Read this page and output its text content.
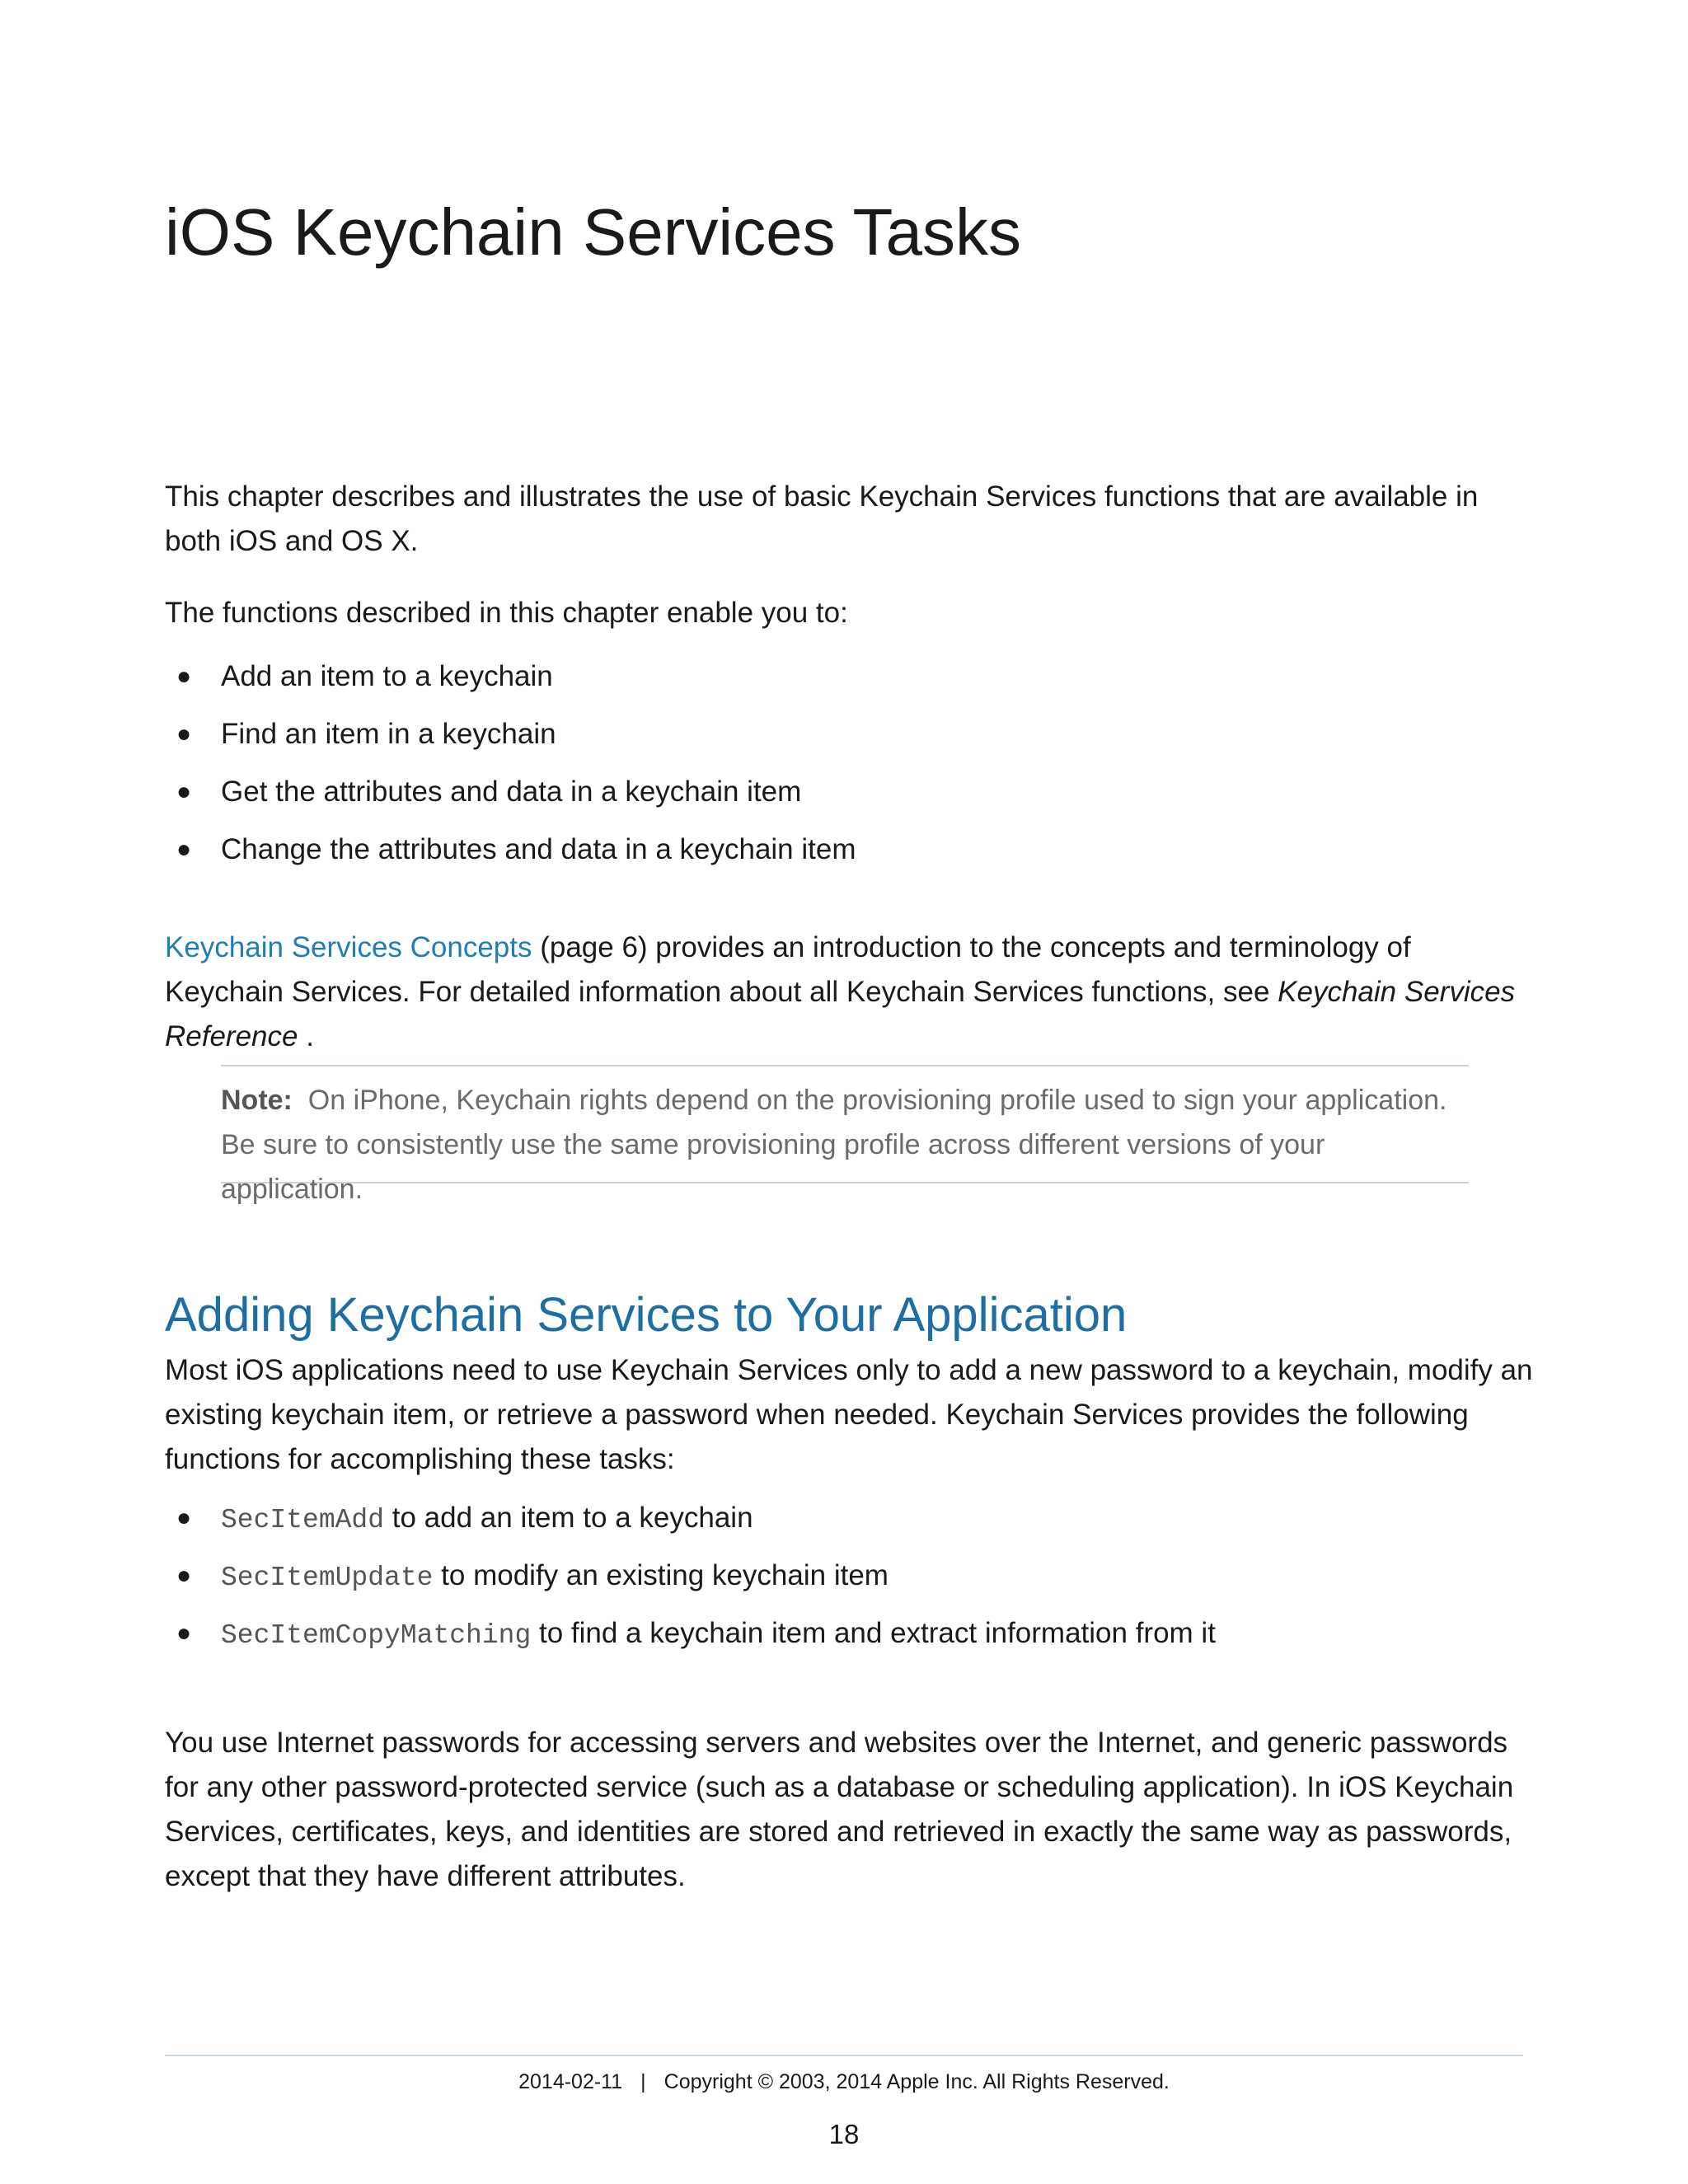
iOS Keychain Services Tasks

This chapter describes and illustrates the use of basic Keychain Services functions that are available in both iOS and OS X.

The functions described in this chapter enable you to:

● Add an item to a keychain
● Find an item in a keychain
● Get the attributes and data in a keychain item
● Change the attributes and data in a keychain item

Keychain Services Concepts (page 6) provides an introduction to the concepts and terminology of Keychain Services. For detailed information about all Keychain Services functions, see Keychain Services Reference .

Note: On iPhone, Keychain rights depend on the provisioning profile used to sign your application. Be sure to consistently use the same provisioning profile across different versions of your application.

Adding Keychain Services to Your Application

Most iOS applications need to use Keychain Services only to add a new password to a keychain, modify an existing keychain item, or retrieve a password when needed. Keychain Services provides the following functions for accomplishing these tasks:

● SecItemAdd to add an item to a keychain
● SecItemUpdate to modify an existing keychain item
● SecItemCopyMatching to find a keychain item and extract information from it

You use Internet passwords for accessing servers and websites over the Internet, and generic passwords for any other password-protected service (such as a database or scheduling application). In iOS Keychain Services, certificates, keys, and identities are stored and retrieved in exactly the same way as passwords, except that they have different attributes.

2014-02-11 | Copyright © 2003, 2014 Apple Inc. All Rights Reserved.

18
